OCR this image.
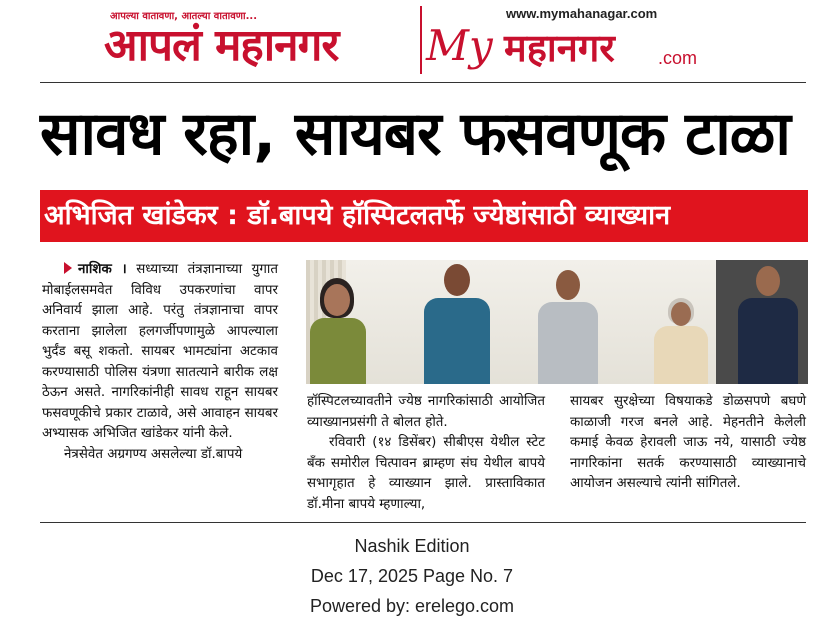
आपल्या वातावणा, आतल्या वातावणा...
आपलं महानगर
www.mymahanagar.com
My महानगर .com
सावध रहा, सायबर फसवणूक टाळा
अभिजित खांडेकर : डॉ.बापये हॉस्पिटलतर्फे ज्येष्ठांसाठी व्याख्यान
नाशिक । सध्याच्या तंत्रज्ञानाच्या युगात मोबाईलसमवेत विविध उपकरणांचा वापर अनिवार्य झाला आहे. परंतु तंत्रज्ञानाचा वापर करताना झालेला हलगर्जीपणामुळे आपल्याला भुर्दंड बसू शकतो. सायबर भामट्यांना अटकाव करण्यासाठी पोलिस यंत्रणा सातत्याने बारीक लक्ष ठेऊन असते. नागरिकांनीही सावध राहून सायबर फसवणूकीचे प्रकार टाळावे, असे आवाहन सायबर अभ्यासक अभिजित खांडेकर यांनी केले.
नेत्रसेवेत अग्रगण्य असलेल्या डॉ.बापये
हॉस्पिटलच्यावतीने ज्येष्ठ नागरिकांसाठी आयोजित व्याख्यानप्रसंगी ते बोलत होते.
रविवारी (१४ डिसेंबर) सीबीएस येथील स्टेट बँक समोरील चित्पावन ब्राम्हण संघ येथील बापये सभागृहात हे व्याख्यान झाले. प्रास्ताविकात डॉ.मीना बापये म्हणाल्या,
सायबर सुरक्षेच्या विषयाकडे डोळसपणे बघणे काळाजी गरज बनले आहे. मेहनतीने केलेली कमाई केवळ हेरावली जाऊ नये, यासाठी ज्येष्ठ नागरिकांना सतर्क करण्यासाठी व्याख्यानाचे आयोजन असल्याचे त्यांनी सांगितले.
Nashik Edition
Dec 17, 2025 Page No. 7
Powered by: erelego.com
